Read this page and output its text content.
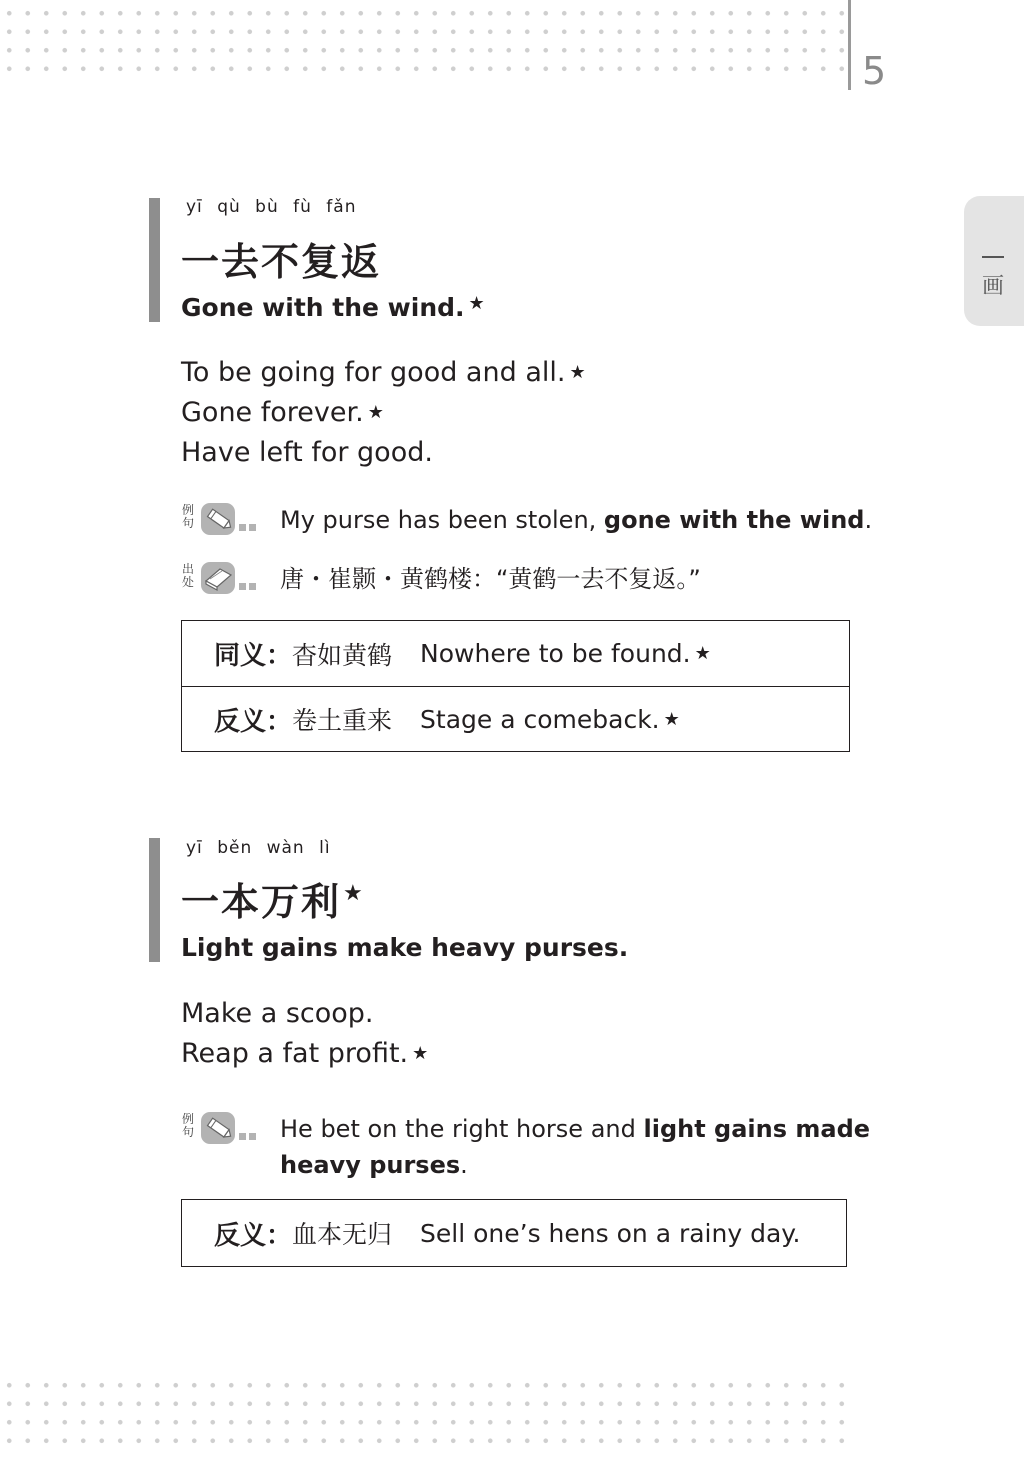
5
画
yī qù bù fù fǎn
一去不复返
Gone with the wind. ★
To be going for good and all. ★
Gone forever. ★
Have left for good.
例
句	My purse has been stolen, gone with the wind.
出
处	唐・崔颢・黄鹤楼：“黄鹤一去不复返。”
同义： 杳如黄鹤 Nowhere to be found. ★
反义： 卷土重来 Stage a comeback. ★
yī běn wàn lì
一本万利★
Light gains make heavy purses.
Make a scoop.
Reap a fat profit. ★
例
句	He bet on the right horse and light gains made
heavy purses.
反义： 血本无归 Sell one’s hens on a rainy day.
